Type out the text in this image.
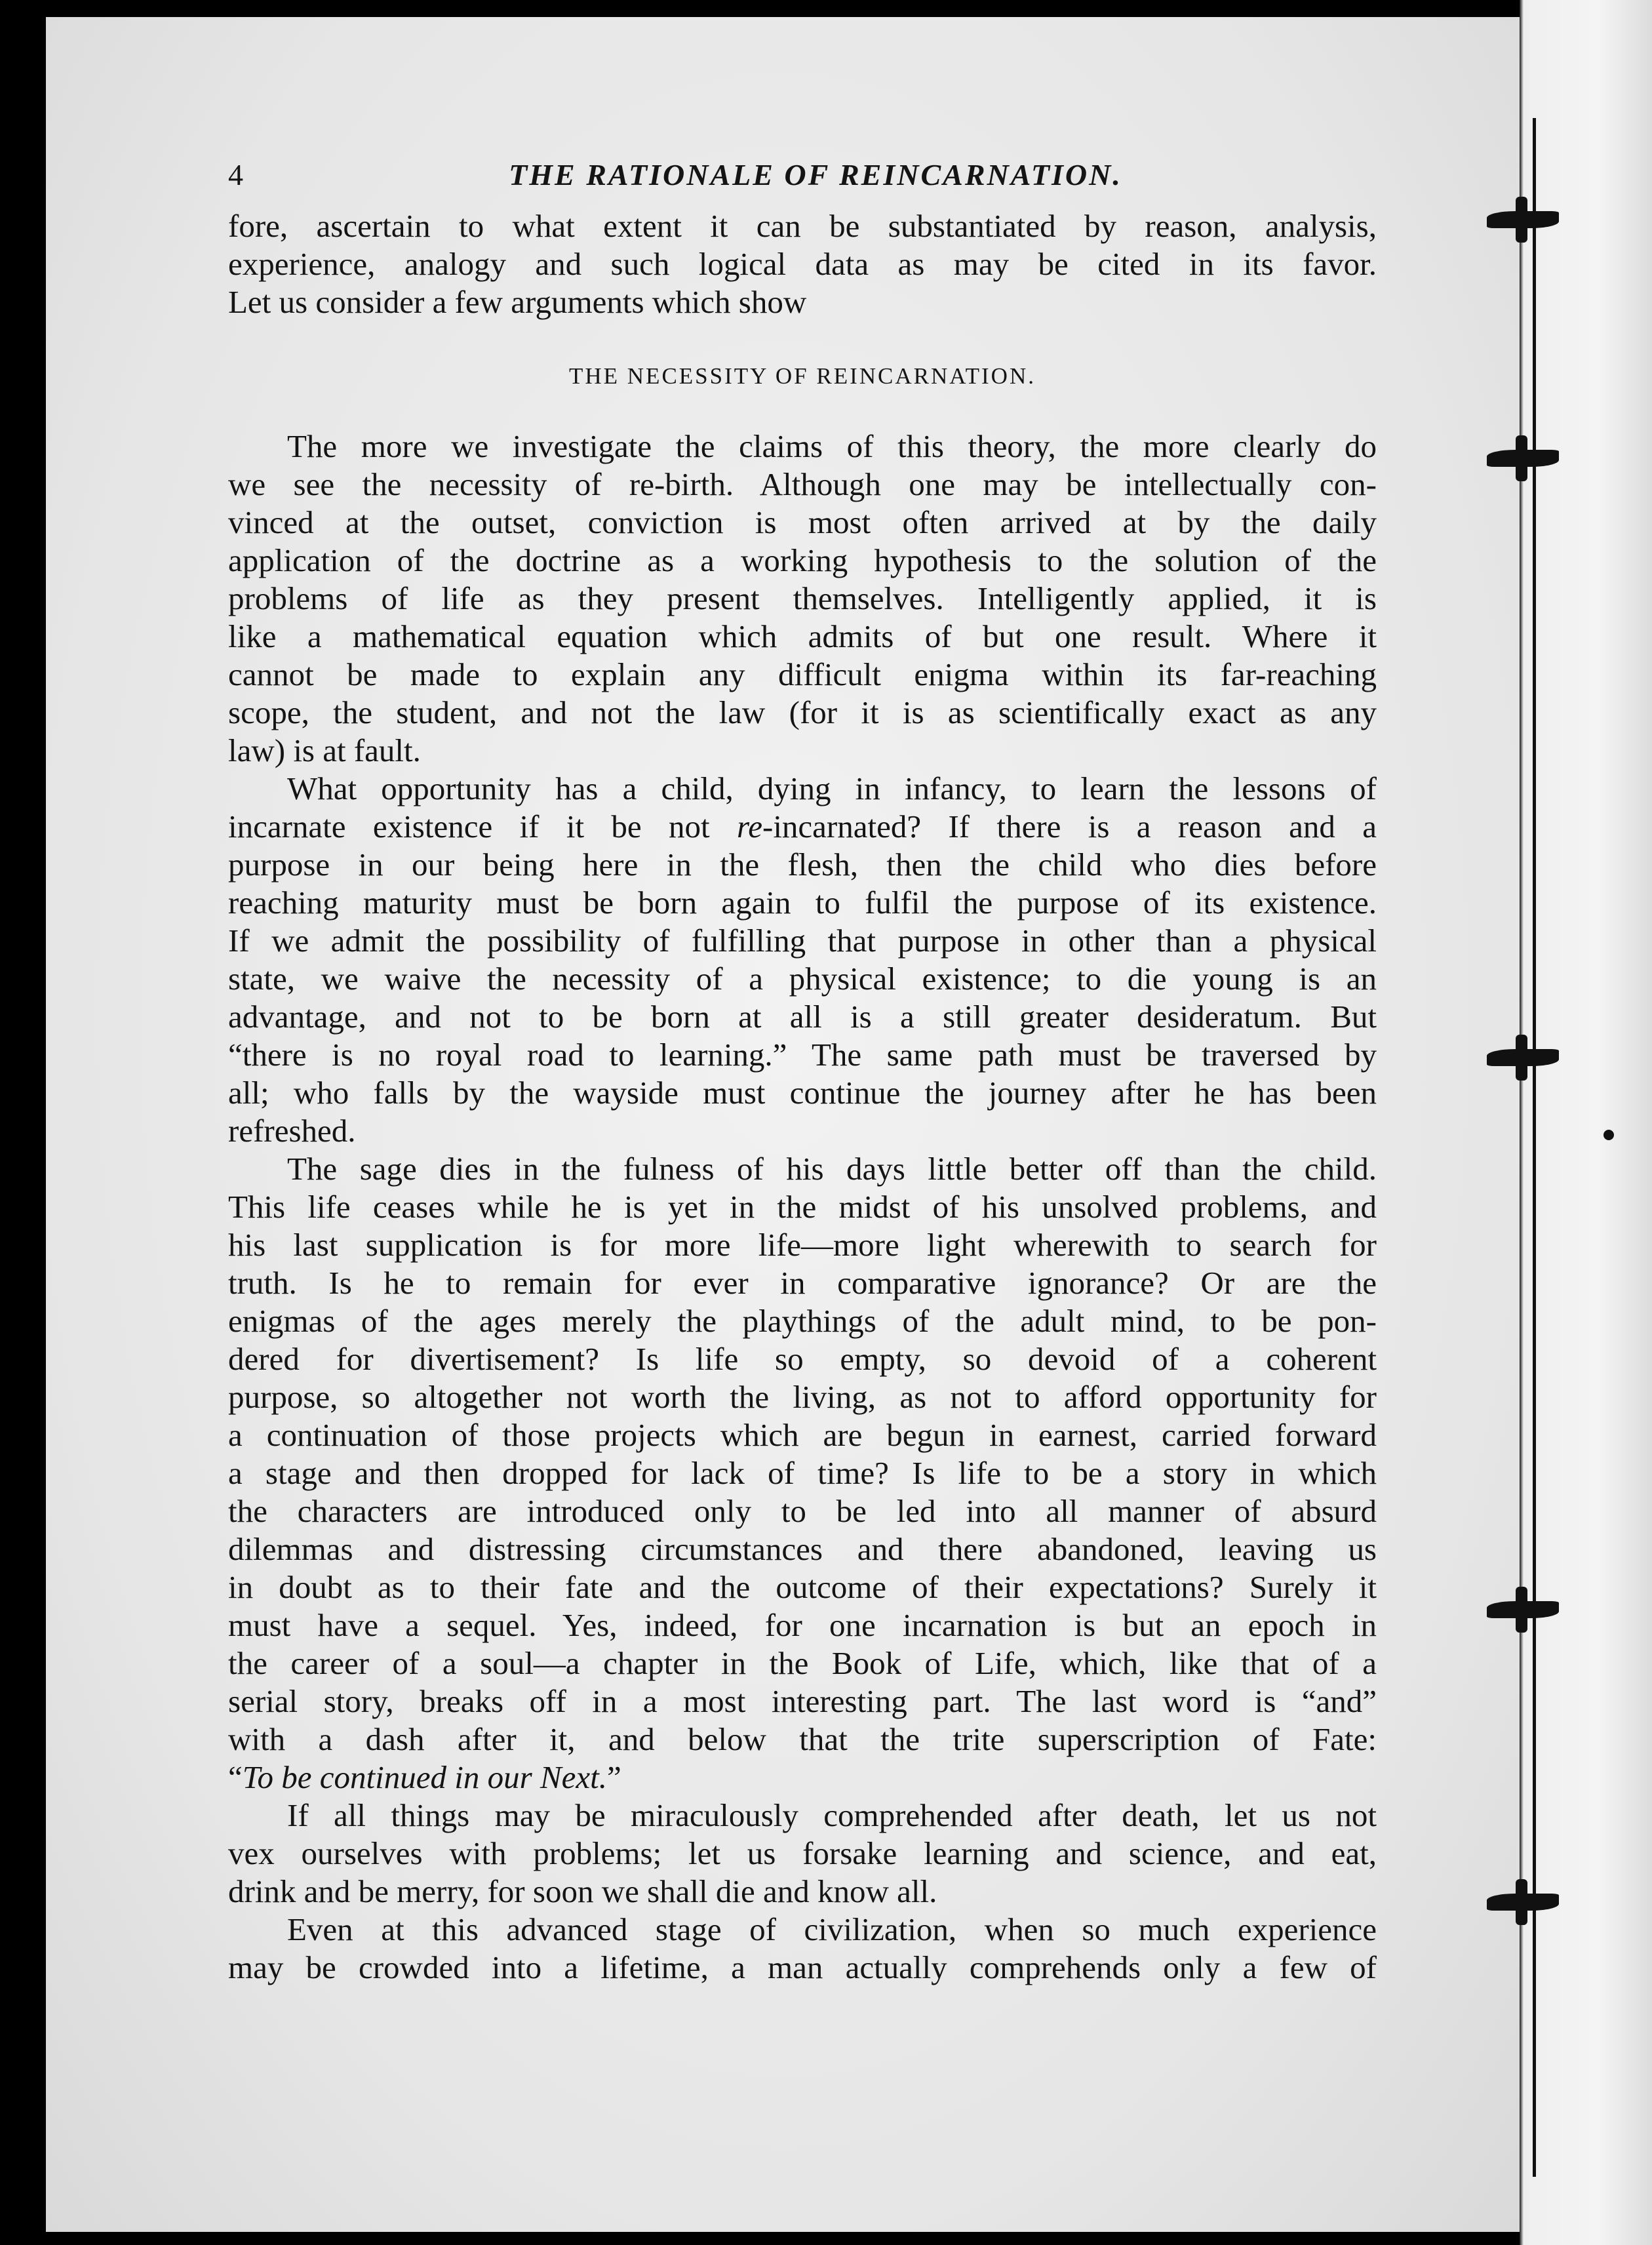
4	THE RATIONALE OF REINCARNATION.

fore, ascertain to what extent it can be substantiated by reason, analysis,

experience, analogy and such logical data as may be cited in its favor.

Let us consider a few arguments which show

THE NECESSITY OF REINCARNATION.

The more we investigate the claims of this theory, the more clearly do

we see the necessity of re-birth. Although one may be intellectually con-

vinced at the outset, conviction is most often arrived at by the daily

application of the doctrine as a working hypothesis to the solution of the

problems of life as they present themselves. Intelligently applied, it is

like a mathematical equation which admits of but one result. Where it

cannot be made to explain any difficult enigma within its far-reaching

scope, the student, and not the law (for it is as scientifically exact as any

law) is at fault.

What opportunity has a child, dying in infancy, to learn the lessons of

incarnate existence if it be not re-incarnated? If there is a reason and a

purpose in our being here in the flesh, then the child who dies before

reaching maturity must be born again to fulfil the purpose of its existence.

If we admit the possibility of fulfilling that purpose in other than a physical

state, we waive the necessity of a physical existence; to die young is an

advantage, and not to be born at all is a still greater desideratum. But

“there is no royal road to learning.” The same path must be traversed by

all; who falls by the wayside must continue the journey after he has been

refreshed.

The sage dies in the fulness of his days little better off than the child.

This life ceases while he is yet in the midst of his unsolved problems, and

his last supplication is for more life—more light wherewith to search for

truth. Is he to remain for ever in comparative ignorance? Or are the

enigmas of the ages merely the playthings of the adult mind, to be pon-

dered for divertisement? Is life so empty, so devoid of a coherent

purpose, so altogether not worth the living, as not to afford opportunity for

a continuation of those projects which are begun in earnest, carried forward

a stage and then dropped for lack of time? Is life to be a story in which

the characters are introduced only to be led into all manner of absurd

dilemmas and distressing circumstances and there abandoned, leaving us

in doubt as to their fate and the outcome of their expectations? Surely it

must have a sequel. Yes, indeed, for one incarnation is but an epoch in

the career of a soul—a chapter in the Book of Life, which, like that of a

serial story, breaks off in a most interesting part. The last word is “and”

with a dash after it, and below that the trite superscription of Fate:

“To be continued in our Next.”

If all things may be miraculously comprehended after death, let us not

vex ourselves with problems; let us forsake learning and science, and eat,

drink and be merry, for soon we shall die and know all.

Even at this advanced stage of civilization, when so much experience

may be crowded into a lifetime, a man actually comprehends only a few of
